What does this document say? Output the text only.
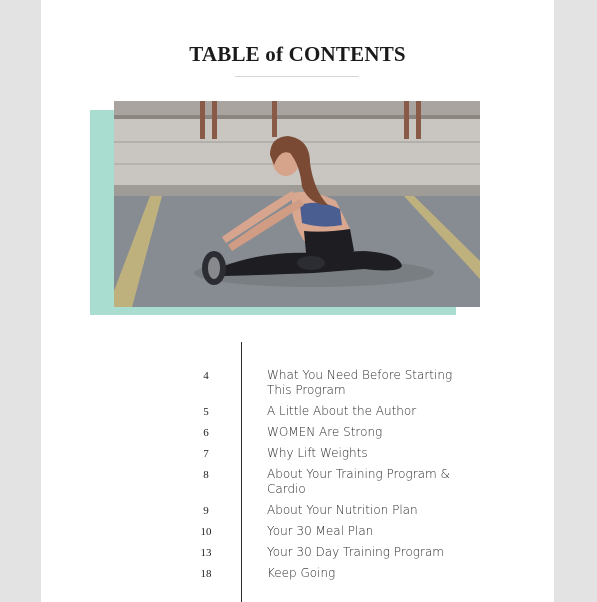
TABLE of CONTENTS
4	What You Need Before Starting This Program
5	A Little About the Author
6	WOMEN Are Strong
7	Why Lift Weights
8	About Your Training Program & Cardio
9	About Your Nutrition Plan
10	Your 30 Meal Plan
13	Your 30 Day Training Program
18	Keep Going
